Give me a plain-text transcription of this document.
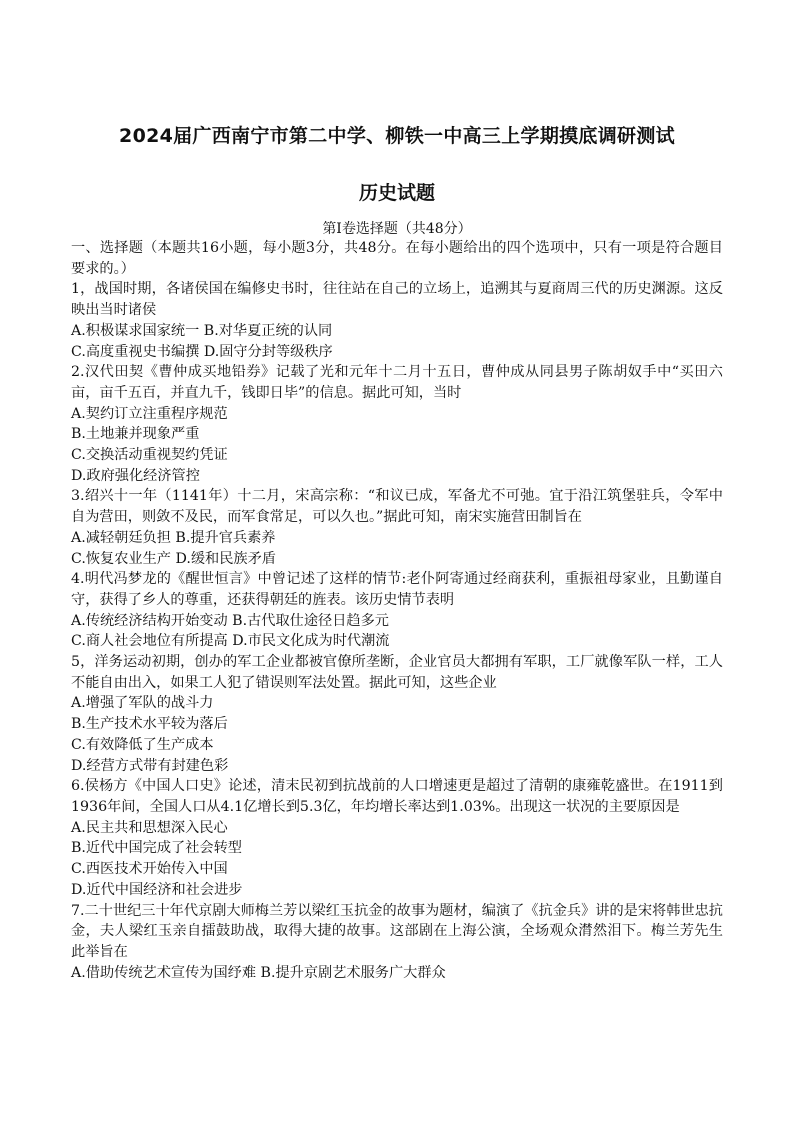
2024届广西南宁市第二中学、柳铁一中高三上学期摸底调研测试
历史试题
第I卷选择题（共48分）

一、选择题（本题共16小题，每小题3分，共48分。在每小题给出的四个选项中，只有一项是符合题目要求的。）

1，战国时期，各诸侯国在编修史书时，往往站在自己的立场上，追溯其与夏商周三代的历史渊源。这反映出当时诸侯

A.积极谋求国家统一 B.对华夏正统的认同

C.高度重视史书编撰 D.固守分封等级秩序

2.汉代田契《曹仲成买地铅券》记载了光和元年十二月十五日，曹仲成从同县男子陈胡奴手中“买田六亩，亩千五百，并直九千，钱即日毕”的信息。据此可知，当时

A.契约订立注重程序规范

B.土地兼并现象严重

C.交换活动重视契约凭证

D.政府强化经济管控

3.绍兴十一年（1141年）十二月，宋高宗称：“和议已成，军备尤不可弛。宜于沿江筑堡驻兵，令军中自为营田，则敛不及民，而军食常足，可以久也。”据此可知，南宋实施营田制旨在

A.减轻朝廷负担 B.提升官兵素养

C.恢复农业生产 D.缓和民族矛盾

4.明代冯梦龙的《醒世恒言》中曾记述了这样的情节:老仆阿寄通过经商获利，重振祖母家业，且勤谨自守，获得了乡人的尊重，还获得朝廷的旌表。该历史情节表明

A.传统经济结构开始变动 B.古代取仕途径日趋多元

C.商人社会地位有所提高 D.市民文化成为时代潮流

5，洋务运动初期，创办的军工企业都被官僚所垄断，企业官员大都拥有军职，工厂就像军队一样，工人不能自由出入，如果工人犯了错误则军法处置。据此可知，这些企业

A.增强了军队的战斗力

B.生产技术水平较为落后

C.有效降低了生产成本

D.经营方式带有封建色彩

6.侯杨方《中国人口史》论述，清末民初到抗战前的人口增速更是超过了清朝的康雍乾盛世。在1911到1936年间，全国人口从4.1亿增长到5.3亿，年均增长率达到1.03%。出现这一状况的主要原因是

A.民主共和思想深入民心

B.近代中国完成了社会转型

C.西医技术开始传入中国

D.近代中国经济和社会进步

7.二十世纪三十年代京剧大师梅兰芳以梁红玉抗金的故事为题材，编演了《抗金兵》讲的是宋将韩世忠抗金，夫人梁红玉亲自擂鼓助战，取得大捷的故事。这部剧在上海公演，全场观众潸然泪下。梅兰芳先生此举旨在

A.借助传统艺术宣传为国纾难 B.提升京剧艺术服务广大群众
